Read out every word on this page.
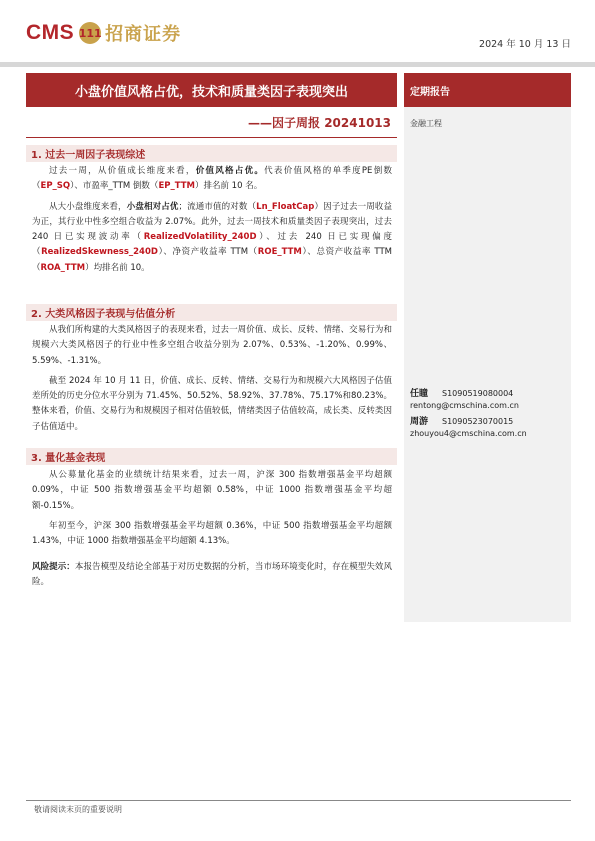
CMS 111 招商证券	2024 年 10 月 13 日
小盘价值风格占优，技术和质量类因子表现突出
——因子周报 20241013
定期报告
金融工程
任瞳 S1090519080004
rentong@cmschina.com.cn
周游 S1090523070015
zhouyou4@cmschina.com.cn
1. 过去一周因子表现综述

过去一周，从价值成长维度来看，价值风格占优。代表价值风格的单季度PE倒数（EP_SQ）、市盈率_TTM 倒数（EP_TTM）排名前 10 名。

从大小盘维度来看，小盘相对占优；流通市值的对数（Ln_FloatCap）因子过去一周收益为正，其行业中性多空组合收益为 2.07%。此外，过去一周技术和质量类因子表现突出，过去 240 日已实现波动率（RealizedVolatility_240D）、过去 240 日已实现偏度（RealizedSkewness_240D）、净资产收益率 TTM（ROE_TTM）、总资产收益率 TTM（ROA_TTM）均排名前 10。

2. 大类风格因子表现与估值分析

从我们所构建的大类风格因子的表现来看，过去一周价值、成长、反转、情绪、交易行为和规模六大类风格因子的行业中性多空组合收益分别为 2.07%、0.53%、-1.20%、0.99%、5.59%、-1.31%。

截至 2024 年 10 月 11 日，价值、成长、反转、情绪、交易行为和规模六大风格因子估值差所处的历史分位水平分别为 71.45%、50.52%、58.92%、37.78%、75.17%和80.23%。整体来看，价值、交易行为和规模因子相对估值较低，情绪类因子估值较高，成长类、反转类因子估值适中。

3. 量化基金表现

从公募量化基金的业绩统计结果来看，过去一周，沪深 300 指数增强基金平均超额 0.09%，中证 500 指数增强基金平均超额 0.58%，中证 1000 指数增强基金平均超额-0.15%。

年初至今，沪深 300 指数增强基金平均超额 0.36%，中证 500 指数增强基金平均超额 1.43%，中证 1000 指数增强基金平均超额 4.13%。

风险提示：本报告模型及结论全部基于对历史数据的分析，当市场环境变化时，存在模型失效风险。

敬请阅读末页的重要说明
